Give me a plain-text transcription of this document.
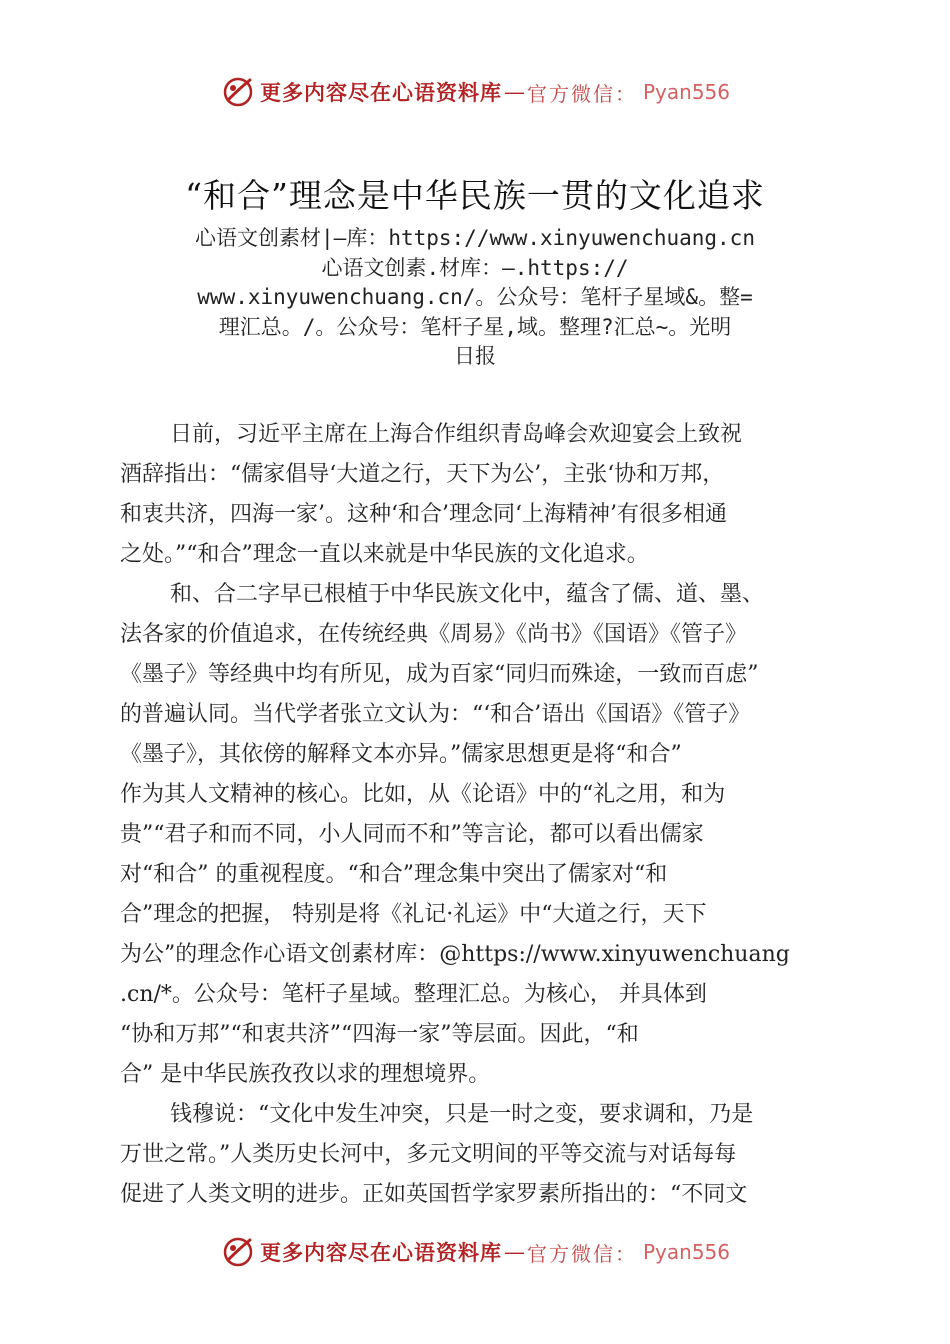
更多内容尽在心语资料库 — 官方微信： Pyan556
“和合”理念是中华民族一贯的文化追求
心语文创素材|—库：https://www.xinyuwenchuang.cn
心语文创素.材库：—.https://
www.xinyuwenchuang.cn/。公众号：笔杆子星域&。整=
理汇总。/。公众号：笔杆子星,域。整理?汇总~。光明
日报
日前，习近平主席在上海合作组织青岛峰会欢迎宴会上致祝
酒辞指出：“儒家倡导‘大道之行，天下为公’，主张‘协和万邦，
和衷共济，四海一家’。这种‘和合’理念同‘上海精神’有很多相通
之处。”“和合”理念一直以来就是中华民族的文化追求。
和、合二字早已根植于中华民族文化中，蕴含了儒、道、墨、
法各家的价值追求，在传统经典《周易》《尚书》《国语》《管子》
《墨子》等经典中均有所见，成为百家“同归而殊途，一致而百虑”
的普遍认同。当代学者张立文认为：“‘和合’语出《国语》《管子》
《墨子》，其依傍的解释文本亦异。”儒家思想更是将“和合”
作为其人文精神的核心。比如，从《论语》中的“礼之用，和为
贵”“君子和而不同，小人同而不和”等言论，都可以看出儒家
对“和合” 的重视程度。“和合”理念集中突出了儒家对“和
合”理念的把握， 特别是将《礼记·礼运》中“大道之行，天下
为公”的理念作心语文创素材库：@https://www.xinyuwenchuang
.cn/*。公众号：笔杆子星域。整理汇总。为核心， 并具体到
“协和万邦”“和衷共济”“四海一家”等层面。因此，“和
合” 是中华民族孜孜以求的理想境界。
钱穆说：“文化中发生冲突，只是一时之变，要求调和，乃是
万世之常。”人类历史长河中，多元文明间的平等交流与对话每每
促进了人类文明的进步。正如英国哲学家罗素所指出的：“不同文
更多内容尽在心语资料库 — 官方微信： Pyan556
